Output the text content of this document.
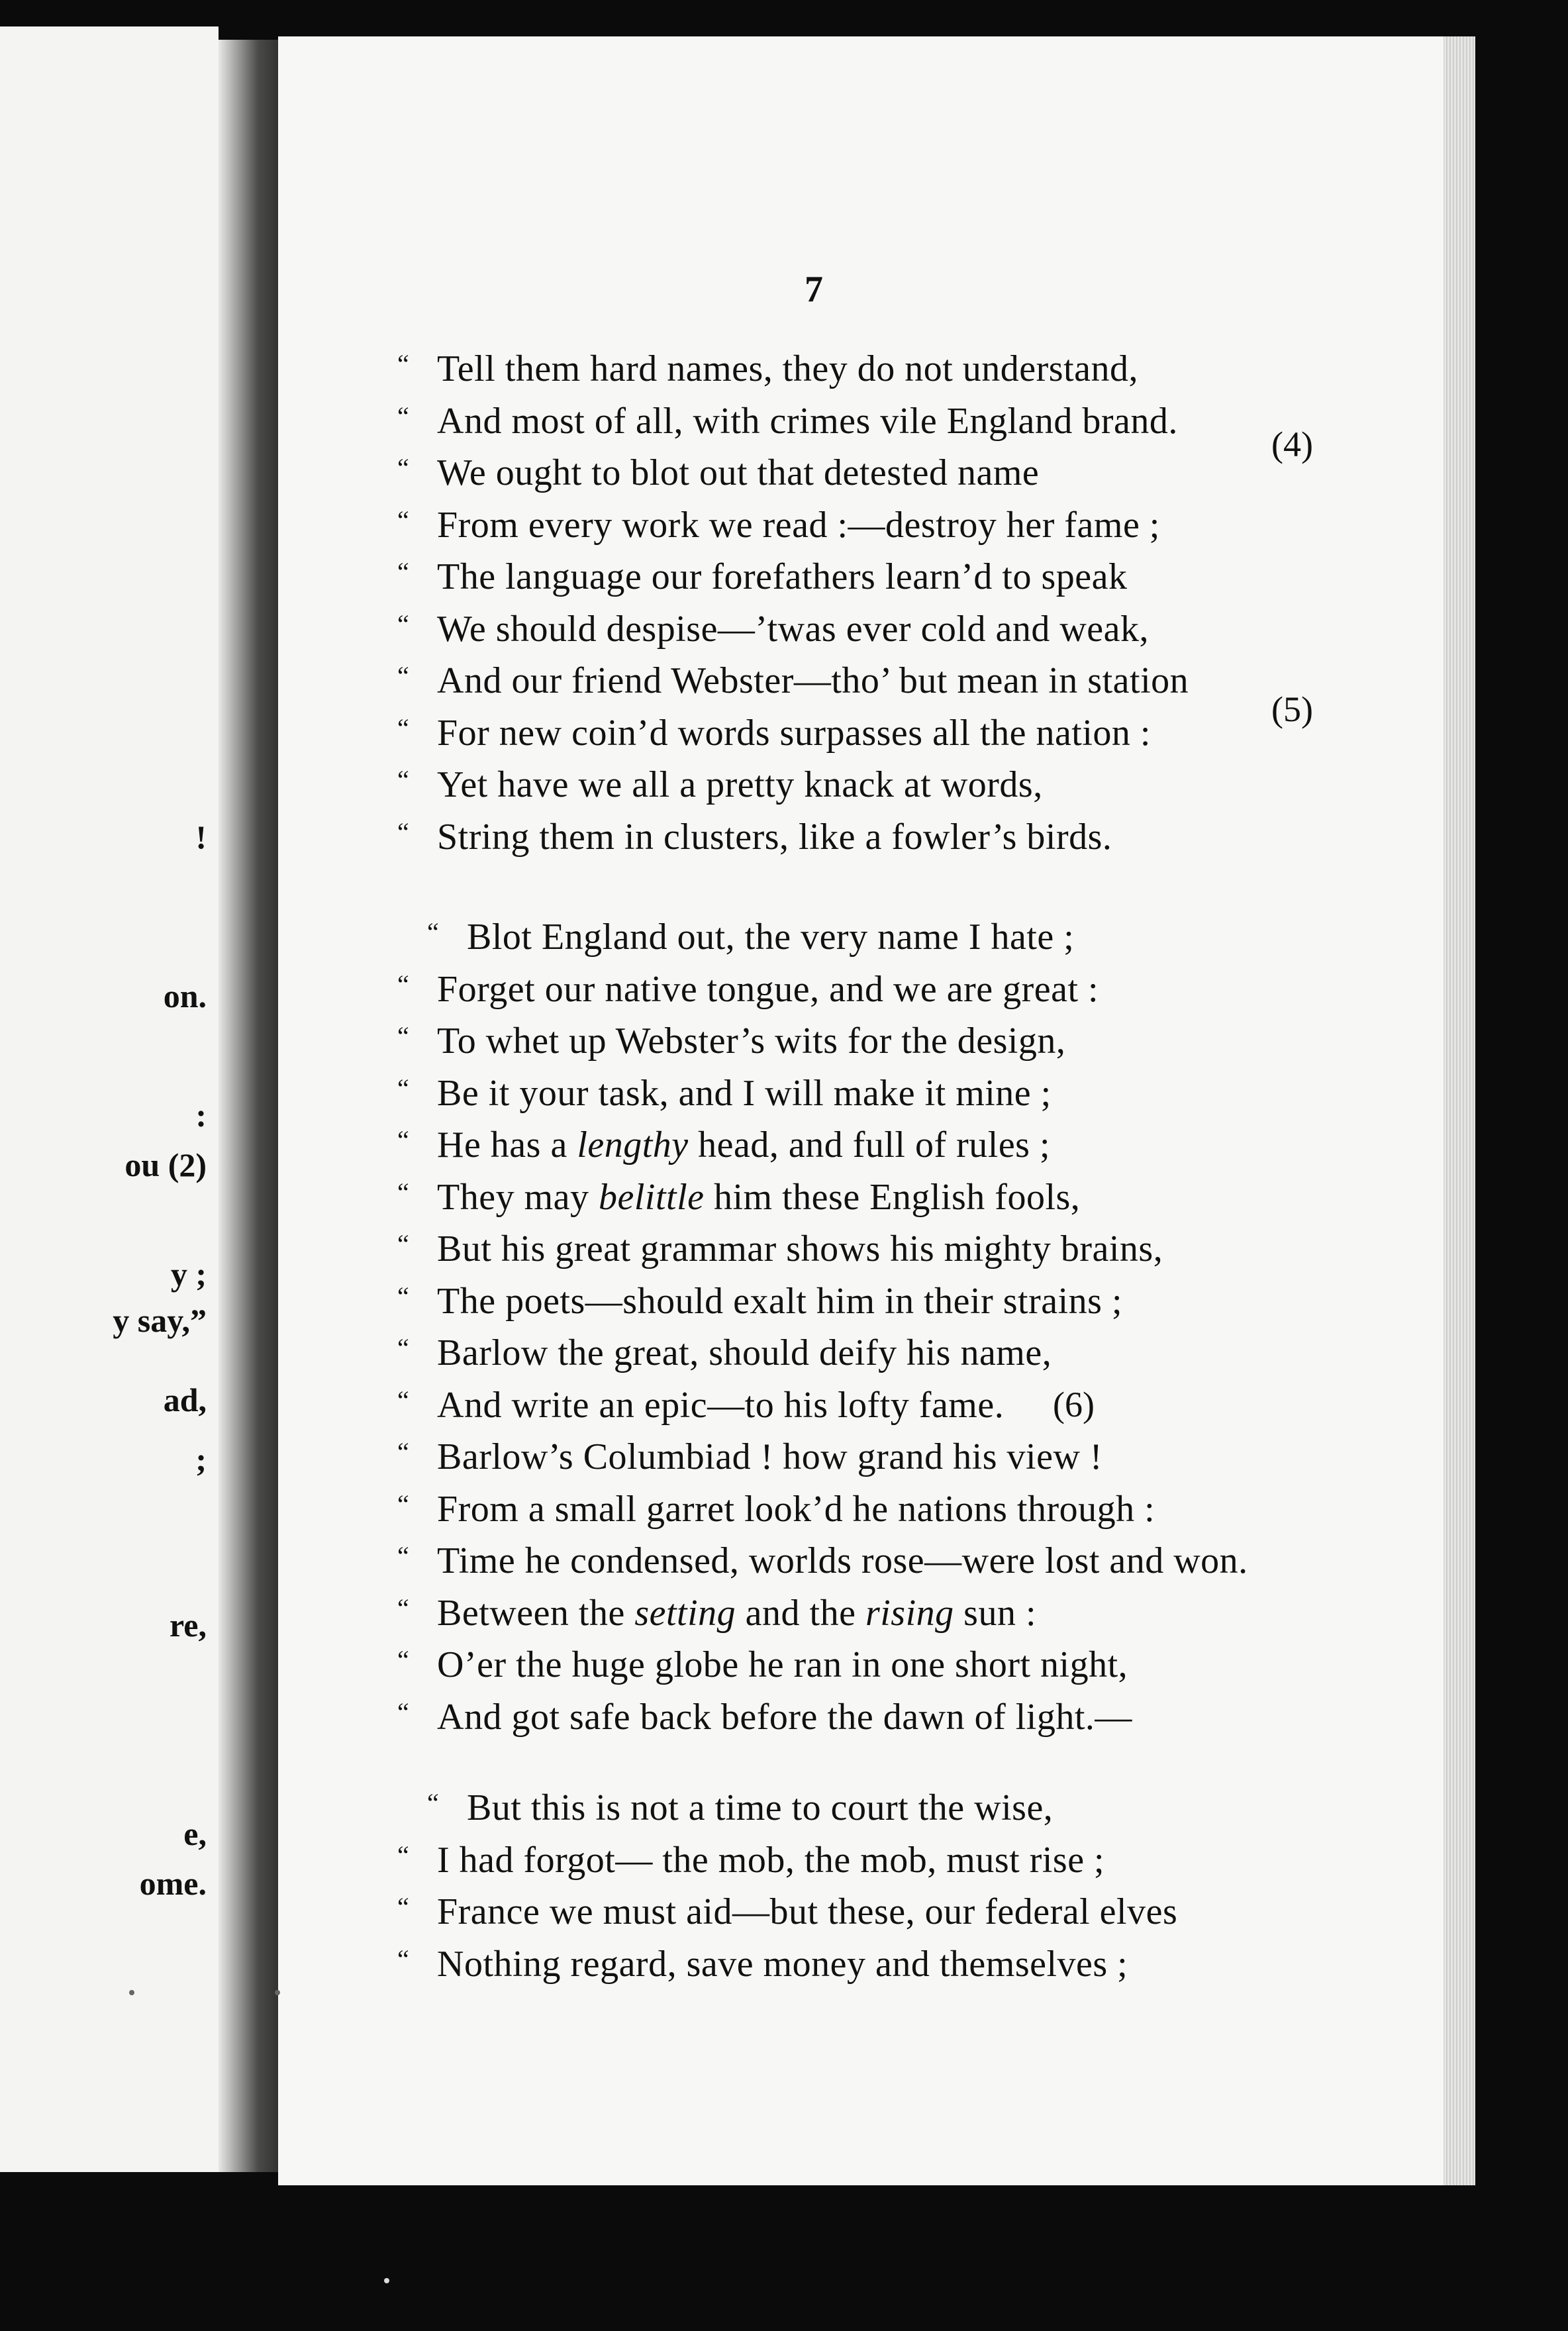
!
on.
:
ou (2)
y ;
y say,”
ad,
;
re,
e,
ome.
7
“ Tell them hard names, they do not understand,
“ And most of all, with crimes vile England brand.
“ We ought to blot out that detested name
“ From every work we read :—destroy her fame ;
“ The language our forefathers learn’d to speak
“ We should despise—’twas ever cold and weak,
“ And our friend Webster—tho’ but mean in station
“ For new coin’d words surpasses all the nation :
“ Yet have we all a pretty knack at words,
“ String them in clusters, like a fowler’s birds.
“ Blot England out, the very name I hate ;
“ Forget our native tongue, and we are great :
“ To whet up Webster’s wits for the design,
“ Be it your task, and I will make it mine ;
“ He has a lengthy head, and full of rules ;
“ They may belittle him these English fools,
“ But his great grammar shows his mighty brains,
“ The poets—should exalt him in their strains ;
“ Barlow the great, should deify his name,
“ And write an epic—to his lofty fame.
“ Barlow’s Columbiad ! how grand his view !
“ From a small garret look’d he nations through :
“ Time he condensed, worlds rose—were lost and won.
“ Between the setting and the rising sun :
“ O’er the huge globe he ran in one short night,
“ And got safe back before the dawn of light.—
“ But this is not a time to court the wise,
“ I had forgot— the mob, the mob, must rise ;
“ France we must aid—but these, our federal elves
“ Nothing regard, save money and themselves ;
(4)
(5)
(6)
